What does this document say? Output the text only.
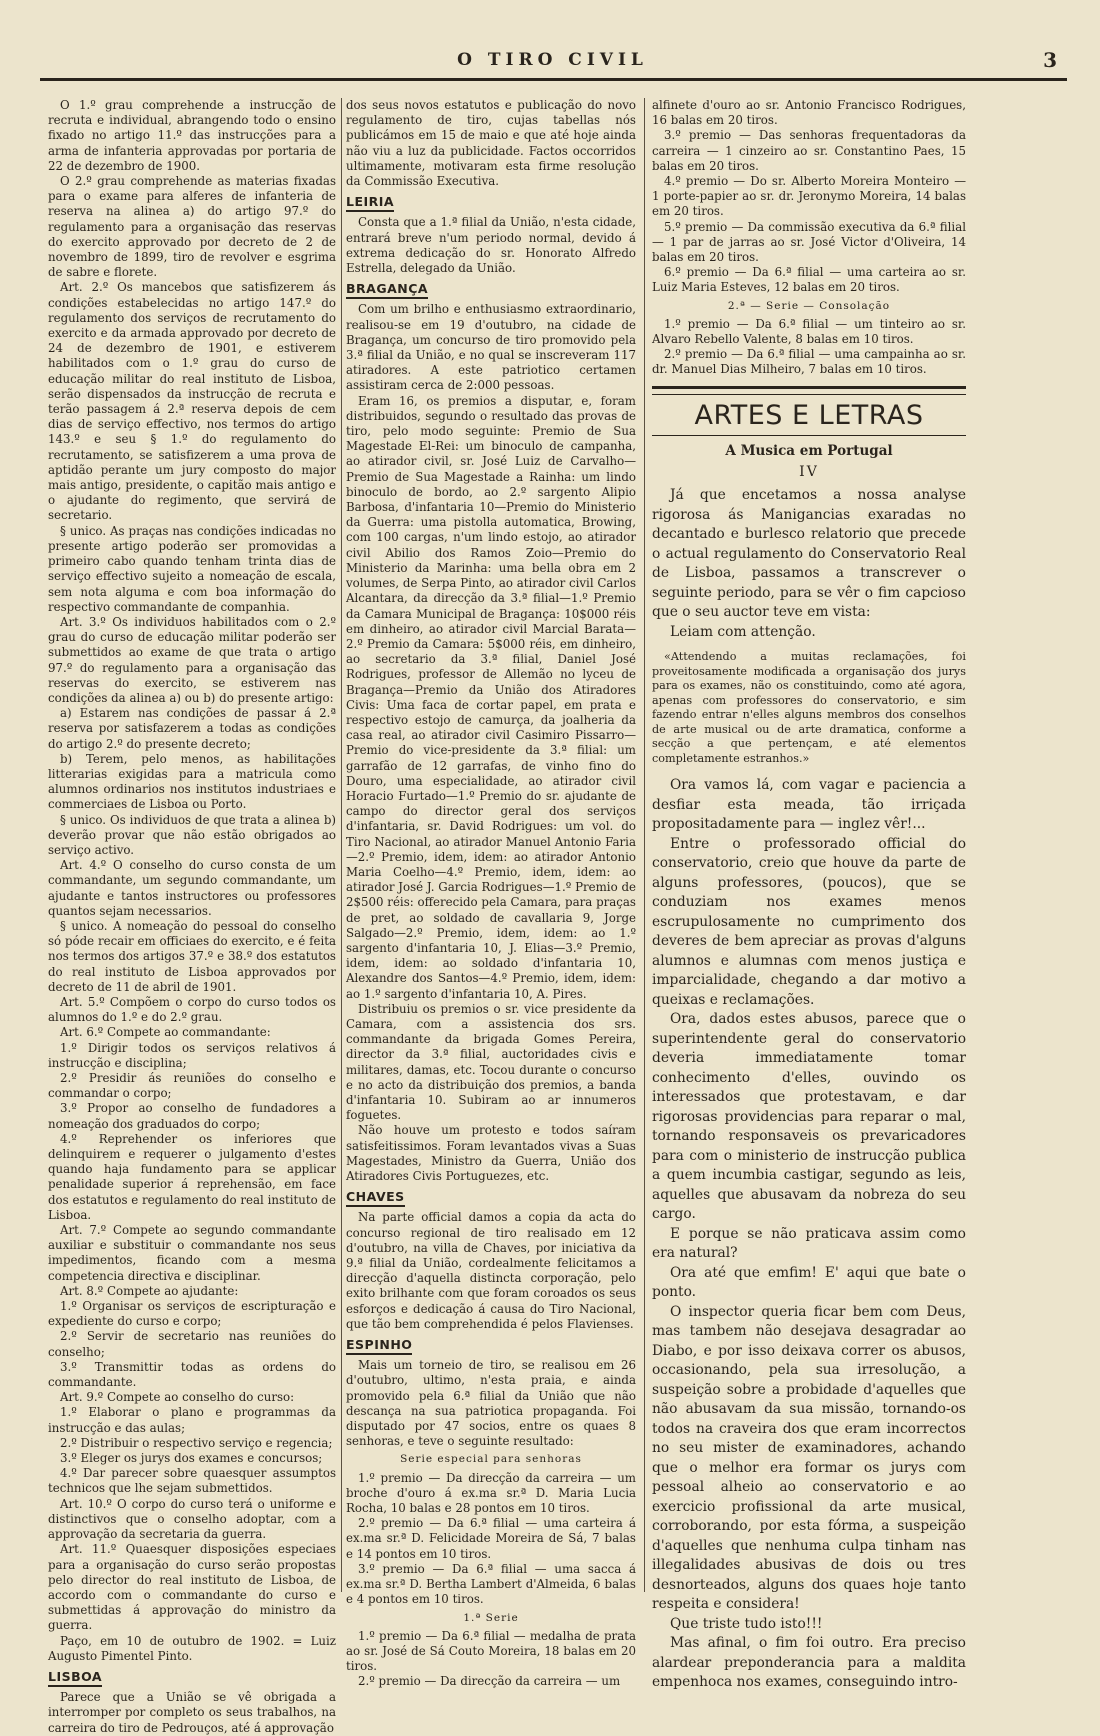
O TIRO CIVIL	3

O 1.º grau comprehende a instrucção de recruta e individual, abrangendo todo o ensino fixado no artigo 11.º das instrucções para a arma de infanteria approvadas por portaria de 22 de dezembro de 1900.

O 2.º grau comprehende as materias fixadas para o exame para alferes de infanteria de reserva na alinea a) do artigo 97.º do regulamento para a organisação das reservas do exercito approvado por decreto de 2 de novembro de 1899, tiro de revolver e esgrima de sabre e florete.

Art. 2.º Os mancebos que satisfizerem ás condições estabelecidas no artigo 147.º do regulamento dos serviços de recrutamento do exercito e da armada approvado por decreto de 24 de dezembro de 1901, e estiverem habilitados com o 1.º grau do curso de educação militar do real instituto de Lisboa, serão dispensados da instrucção de recruta e terão passagem á 2.ª reserva depois de cem dias de serviço effectivo, nos termos do artigo 143.º e seu § 1.º do regulamento do recrutamento, se satisfizerem a uma prova de aptidão perante um jury composto do major mais antigo, presidente, o capitão mais antigo e o ajudante do regimento, que servirá de secretario.

§ unico. As praças nas condições indicadas no presente artigo poderão ser promovidas a primeiro cabo quando tenham trinta dias de serviço effectivo sujeito a nomeação de escala, sem nota alguma e com boa informação do respectivo commandante de companhia.

Art. 3.º Os individuos habilitados com o 2.º grau do curso de educação militar poderão ser submettidos ao exame de que trata o artigo 97.º do regulamento para a organisação das reservas do exercito, se estiverem nas condições da alinea a) ou b) do presente artigo:

a) Estarem nas condições de passar á 2.ª reserva por satisfazerem a todas as condições do artigo 2.º do presente decreto;

b) Terem, pelo menos, as habilitações litterarias exigidas para a matricula como alumnos ordinarios nos institutos industriaes e commerciaes de Lisboa ou Porto.

§ unico. Os individuos de que trata a alinea b) deverão provar que não estão obrigados ao serviço activo.

Art. 4.º O conselho do curso consta de um commandante, um segundo commandante, um ajudante e tantos instructores ou professores quantos sejam necessarios.

§ unico. A nomeação do pessoal do conselho só póde recair em officiaes do exercito, e é feita nos termos dos artigos 37.º e 38.º dos estatutos do real instituto de Lisboa approvados por decreto de 11 de abril de 1901.

Art. 5.º Compõem o corpo do curso todos os alumnos do 1.º e do 2.º grau.

Art. 6.º Compete ao commandante:

1.º Dirigir todos os serviços relativos á instrucção e disciplina;

2.º Presidir ás reuniões do conselho e commandar o corpo;

3.º Propor ao conselho de fundadores a nomeação dos graduados do corpo;

4.º Reprehender os inferiores que delinquirem e requerer o julgamento d'estes quando haja fundamento para se applicar penalidade superior á reprehensão, em face dos estatutos e regulamento do real instituto de Lisboa.

Art. 7.º Compete ao segundo commandante auxiliar e substituir o commandante nos seus impedimentos, ficando com a mesma competencia directiva e disciplinar.

Art. 8.º Compete ao ajudante:

1.º Organisar os serviços de escripturação e expediente do curso e corpo;

2.º Servir de secretario nas reuniões do conselho;

3.º Transmittir todas as ordens do commandante.

Art. 9.º Compete ao conselho do curso:

1.º Elaborar o plano e programmas da instrucção e das aulas;

2.º Distribuir o respectivo serviço e regencia;

3.º Eleger os jurys dos exames e concursos;

4.º Dar parecer sobre quaesquer assumptos technicos que lhe sejam submettidos.

Art. 10.º O corpo do curso terá o uniforme e distinctivos que o conselho adoptar, com a approvação da secretaria da guerra.

Art. 11.º Quaesquer disposições especiaes para a organisação do curso serão propostas pelo director do real instituto de Lisboa, de accordo com o commandante do curso e submettidas á approvação do ministro da guerra.

Paço, em 10 de outubro de 1902. = Luiz Augusto Pimentel Pinto.

LISBOA

Parece que a União se vê obrigada a interromper por completo os seus trabalhos, na carreira do tiro de Pedrouços, até á approvação

dos seus novos estatutos e publicação do novo regulamento de tiro, cujas tabellas nós publicámos em 15 de maio e que até hoje ainda não viu a luz da publicidade. Factos occorridos ultimamente, motivaram esta firme resolução da Commissão Executiva.

LEIRIA

Consta que a 1.ª filial da União, n'esta cidade, entrará breve n'um periodo normal, devido á extrema dedicação do sr. Honorato Alfredo Estrella, delegado da União.

BRAGANÇA

Com um brilho e enthusiasmo extraordinario, realisou-se em 19 d'outubro, na cidade de Bragança, um concurso de tiro promovido pela 3.ª filial da União, e no qual se inscreveram 117 atiradores. A este patriotico certamen assistiram cerca de 2:000 pessoas.

Eram 16, os premios a disputar, e, foram distribuidos, segundo o resultado das provas de tiro, pelo modo seguinte: Premio de Sua Magestade El-Rei: um binoculo de campanha, ao atirador civil, sr. José Luiz de Carvalho—Premio de Sua Magestade a Rainha: um lindo binoculo de bordo, ao 2.º sargento Alipio Barbosa, d'infantaria 10—Premio do Ministerio da Guerra: uma pistolla automatica, Browing, com 100 cargas, n'um lindo estojo, ao atirador civil Abilio dos Ramos Zoio—Premio do Ministerio da Marinha: uma bella obra em 2 volumes, de Serpa Pinto, ao atirador civil Carlos Alcantara, da direcção da 3.ª filial—1.º Premio da Camara Municipal de Bragança: 10$000 réis em dinheiro, ao atirador civil Marcial Barata—2.º Premio da Camara: 5$000 réis, em dinheiro, ao secretario da 3.ª filial, Daniel José Rodrigues, professor de Allemão no lyceu de Bragança—Premio da União dos Atiradores Civis: Uma faca de cortar papel, em prata e respectivo estojo de camurça, da joalheria da casa real, ao atirador civil Casimiro Pissarro—Premio do vice-presidente da 3.ª filial: um garrafão de 12 garrafas, de vinho fino do Douro, uma especialidade, ao atirador civil Horacio Furtado—1.º Premio do sr. ajudante de campo do director geral dos serviços d'infantaria, sr. David Rodrigues: um vol. do Tiro Nacional, ao atirador Manuel Antonio Faria—2.º Premio, idem, idem: ao atirador Antonio Maria Coelho—4.º Premio, idem, idem: ao atirador José J. Garcia Rodrigues—1.º Premio de 2$500 réis: offerecido pela Camara, para praças de pret, ao soldado de cavallaria 9, Jorge Salgado—2.º Premio, idem, idem: ao 1.º sargento d'infantaria 10, J. Elias—3.º Premio, idem, idem: ao soldado d'infantaria 10, Alexandre dos Santos—4.º Premio, idem, idem: ao 1.º sargento d'infantaria 10, A. Pires.

Distribuiu os premios o sr. vice presidente da Camara, com a assistencia dos srs. commandante da brigada Gomes Pereira, director da 3.ª filial, auctoridades civis e militares, damas, etc. Tocou durante o concurso e no acto da distribuição dos premios, a banda d'infantaria 10. Subiram ao ar innumeros foguetes.

Não houve um protesto e todos saíram satisfeitissimos. Foram levantados vivas a Suas Magestades, Ministro da Guerra, União dos Atiradores Civis Portuguezes, etc.

CHAVES

Na parte official damos a copia da acta do concurso regional de tiro realisado em 12 d'outubro, na villa de Chaves, por iniciativa da 9.ª filial da União, cordealmente felicitamos a direcção d'aquella distincta corporação, pelo exito brilhante com que foram coroados os seus esforços e dedicação á causa do Tiro Nacional, que tão bem comprehendida é pelos Flavienses.

ESPINHO

Mais um torneio de tiro, se realisou em 26 d'outubro, ultimo, n'esta praia, e ainda promovido pela 6.ª filial da União que não descança na sua patriotica propaganda. Foi disputado por 47 socios, entre os quaes 8 senhoras, e teve o seguinte resultado:

Serie especial para senhoras

1.º premio — Da direcção da carreira — um broche d'ouro á ex.ma sr.ª D. Maria Lucia Rocha, 10 balas e 28 pontos em 10 tiros.

2.º premio — Da 6.ª filial — uma carteira á ex.ma sr.ª D. Felicidade Moreira de Sá, 7 balas e 14 pontos em 10 tiros.

3.º premio — Da 6.ª filial — uma sacca á ex.ma sr.ª D. Bertha Lambert d'Almeida, 6 balas e 4 pontos em 10 tiros.

1.ª Serie

1.º premio — Da 6.ª filial — medalha de prata ao sr. José de Sá Couto Moreira, 18 balas em 20 tiros.

2.º premio — Da direcção da carreira — um

alfinete d'ouro ao sr. Antonio Francisco Rodrigues, 16 balas em 20 tiros.

3.º premio — Das senhoras frequentadoras da carreira — 1 cinzeiro ao sr. Constantino Paes, 15 balas em 20 tiros.

4.º premio — Do sr. Alberto Moreira Monteiro — 1 porte-papier ao sr. dr. Jeronymo Moreira, 14 balas em 20 tiros.

5.º premio — Da commissão executiva da 6.ª filial — 1 par de jarras ao sr. José Victor d'Oliveira, 14 balas em 20 tiros.

6.º premio — Da 6.ª filial — uma carteira ao sr. Luiz Maria Esteves, 12 balas em 20 tiros.

2.ª — Serie — Consolação

1.º premio — Da 6.ª filial — um tinteiro ao sr. Alvaro Rebello Valente, 8 balas em 10 tiros.

2.º premio — Da 6.ª filial — uma campainha ao sr. dr. Manuel Dias Milheiro, 7 balas em 10 tiros.

ARTES E LETRAS
A Musica em Portugal
IV

Já que encetamos a nossa analyse rigorosa ás Manigancias exaradas no decantado e burlesco relatorio que precede o actual regulamento do Conservatorio Real de Lisboa, passamos a transcrever o seguinte periodo, para se vêr o fim capcioso que o seu auctor teve em vista:

Leiam com attenção.

«Attendendo a muitas reclamações, foi proveitosamente modificada a organisação dos jurys para os exames, não os constituindo, como até agora, apenas com professores do conservatorio, e sim fazendo entrar n'elles alguns membros dos conselhos de arte musical ou de arte dramatica, conforme a secção a que pertençam, e até elementos completamente estranhos.»

Ora vamos lá, com vagar e paciencia a desfiar esta meada, tão irriçada propositadamente para — inglez vêr!...

Entre o professorado official do conservatorio, creio que houve da parte de alguns professores, (poucos), que se conduziam nos exames menos escrupulosamente no cumprimento dos deveres de bem apreciar as provas d'alguns alumnos e alumnas com menos justiça e imparcialidade, chegando a dar motivo a queixas e reclamações.

Ora, dados estes abusos, parece que o superintendente geral do conservatorio deveria immediatamente tomar conhecimento d'elles, ouvindo os interessados que protestavam, e dar rigorosas providencias para reparar o mal, tornando responsaveis os prevaricadores para com o ministerio de instrucção publica a quem incumbia castigar, segundo as leis, aquelles que abusavam da nobreza do seu cargo.

E porque se não praticava assim como era natural?

Ora até que emfim! E' aqui que bate o ponto.

O inspector queria ficar bem com Deus, mas tambem não desejava desagradar ao Diabo, e por isso deixava correr os abusos, occasionando, pela sua irresolução, a suspeição sobre a probidade d'aquelles que não abusavam da sua missão, tornando-os todos na craveira dos que eram incorrectos no seu mister de examinadores, achando que o melhor era formar os jurys com pessoal alheio ao conservatorio e ao exercicio profissional da arte musical, corroborando, por esta fórma, a suspeição d'aquelles que nenhuma culpa tinham nas illegalidades abusivas de dois ou tres desnorteados, alguns dos quaes hoje tanto respeita e considera!

Que triste tudo isto!!!

Mas afinal, o fim foi outro. Era preciso alardear preponderancia para a maldita empenhoca nos exames, conseguindo intro-
